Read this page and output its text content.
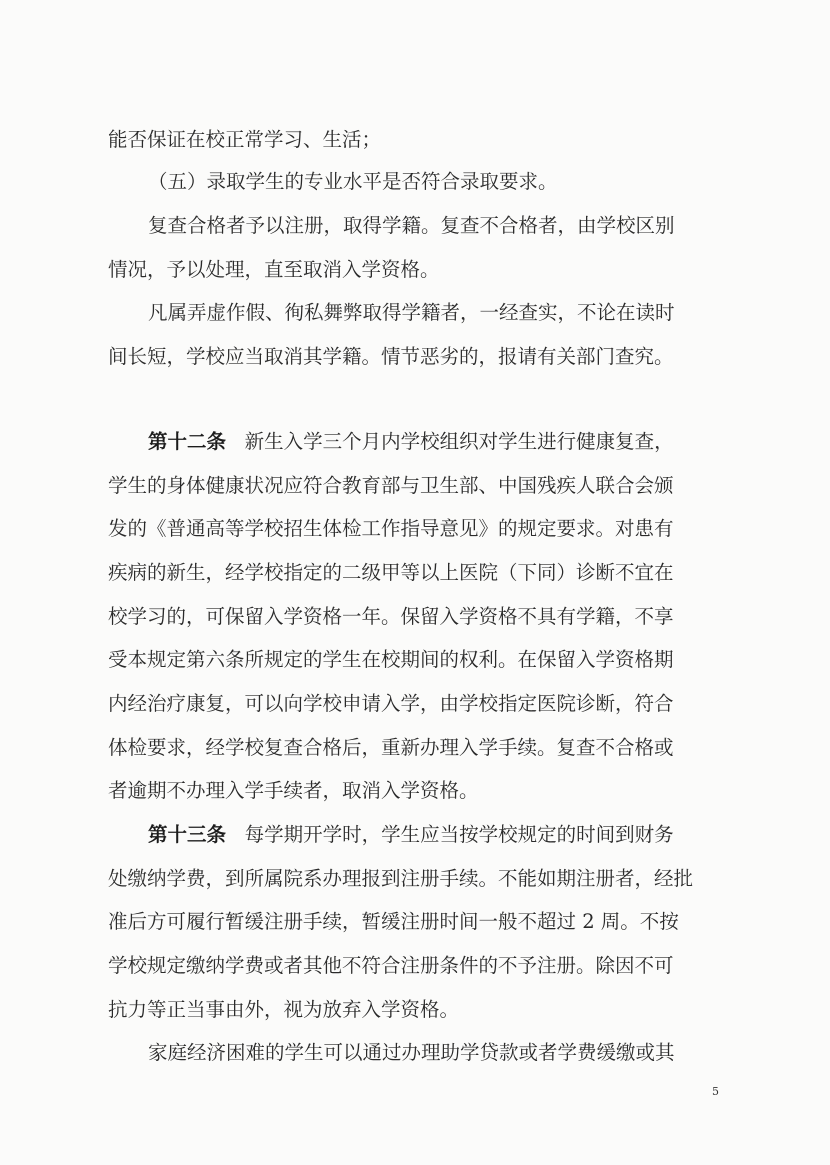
能否保证在校正常学习、生活；
（五）录取学生的专业水平是否符合录取要求。
复查合格者予以注册，取得学籍。复查不合格者，由学校区别
情况，予以处理，直至取消入学资格。
凡属弄虚作假、徇私舞弊取得学籍者，一经查实，不论在读时
间长短，学校应当取消其学籍。情节恶劣的，报请有关部门查究。
第十二条 新生入学三个月内学校组织对学生进行健康复查，
学生的身体健康状况应符合教育部与卫生部、中国残疾人联合会颁
发的《普通高等学校招生体检工作指导意见》的规定要求。对患有
疾病的新生，经学校指定的二级甲等以上医院（下同）诊断不宜在
校学习的，可保留入学资格一年。保留入学资格不具有学籍，不享
受本规定第六条所规定的学生在校期间的权利。在保留入学资格期
内经治疗康复，可以向学校申请入学，由学校指定医院诊断，符合
体检要求，经学校复查合格后，重新办理入学手续。复查不合格或
者逾期不办理入学手续者，取消入学资格。
第十三条 每学期开学时，学生应当按学校规定的时间到财务
处缴纳学费，到所属院系办理报到注册手续。不能如期注册者，经批
准后方可履行暂缓注册手续，暂缓注册时间一般不超过 2 周。不按
学校规定缴纳学费或者其他不符合注册条件的不予注册。除因不可
抗力等正当事由外，视为放弃入学资格。
家庭经济困难的学生可以通过办理助学贷款或者学费缓缴或其
5
